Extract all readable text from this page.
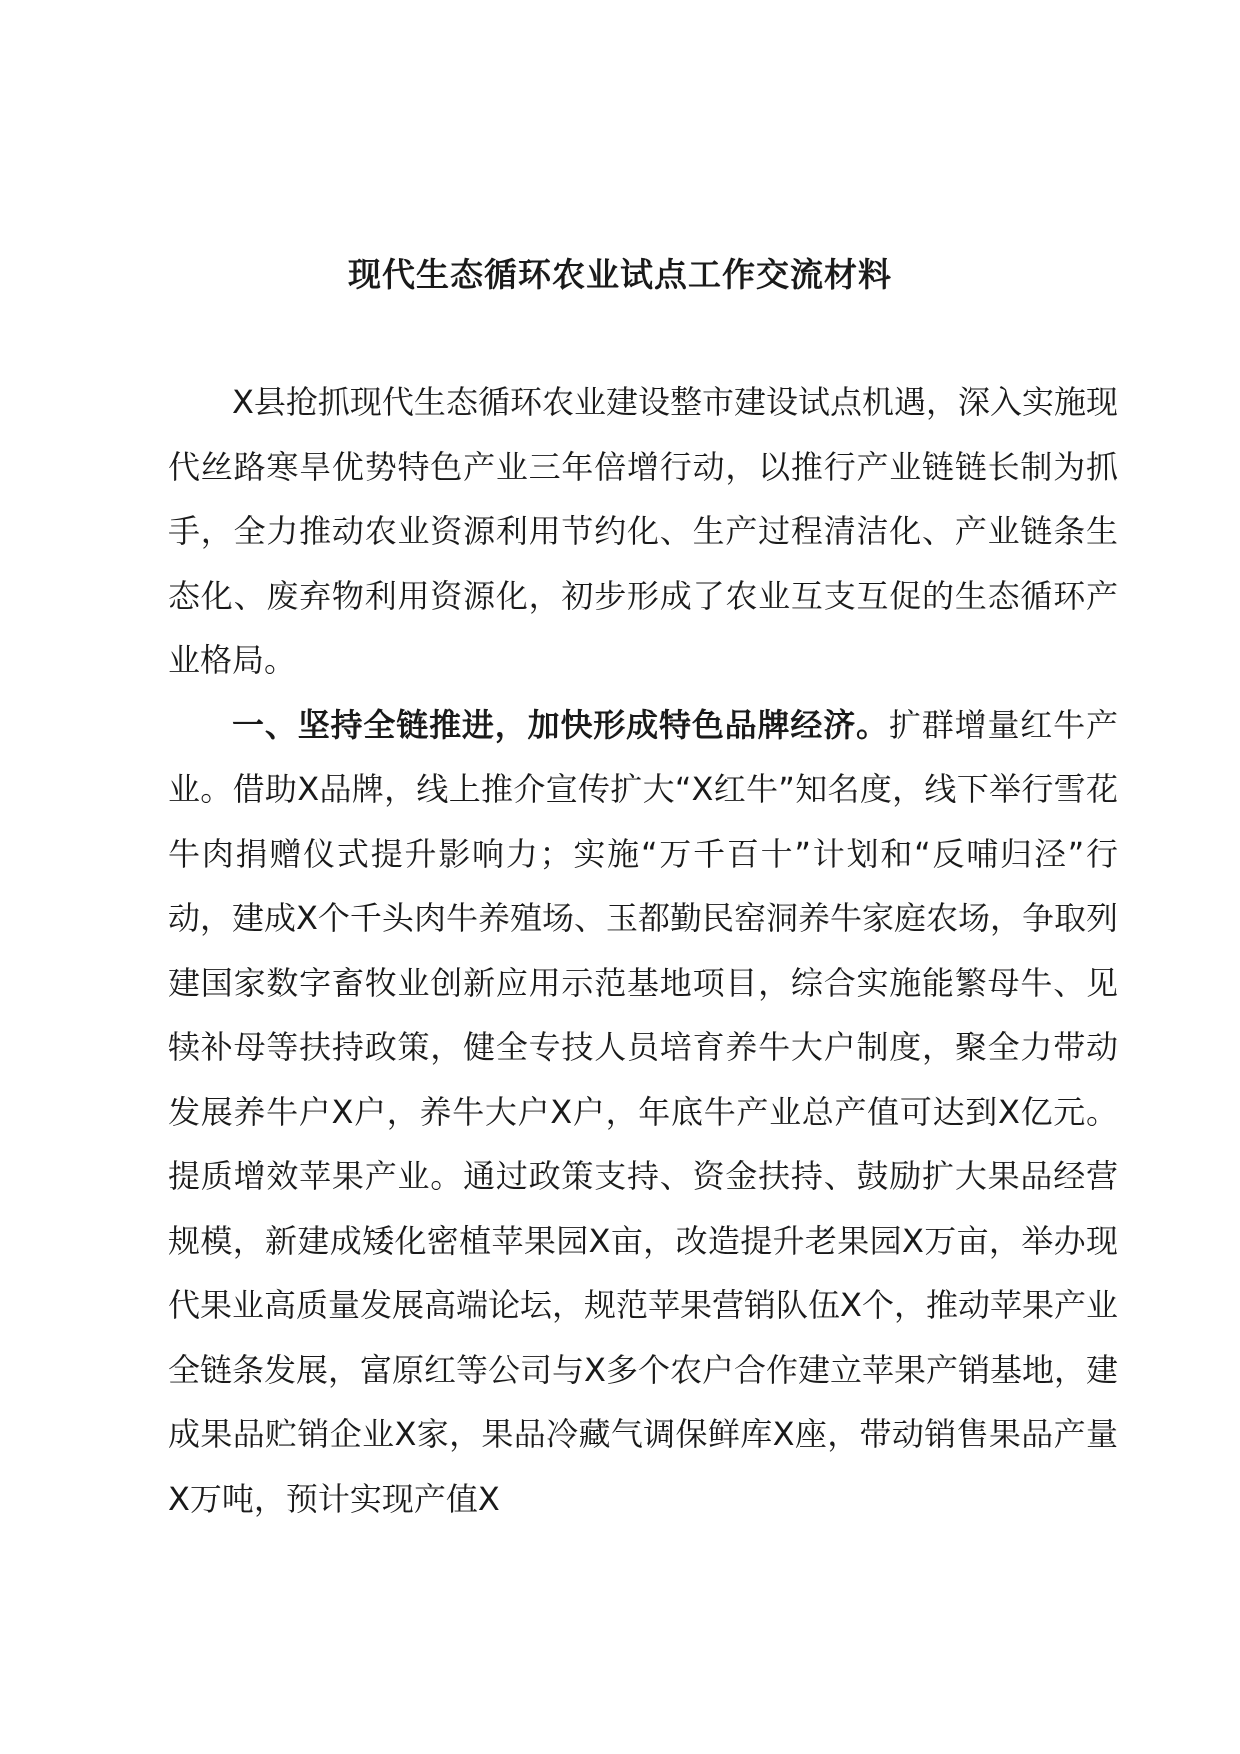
现代生态循环农业试点工作交流材料

X县抢抓现代生态循环农业建设整市建设试点机遇，深入实施现代丝路寒旱优势特色产业三年倍增行动，以推行产业链链长制为抓手，全力推动农业资源利用节约化、生产过程清洁化、产业链条生态化、废弃物利用资源化，初步形成了农业互支互促的生态循环产业格局。

一、坚持全链推进，加快形成特色品牌经济。扩群增量红牛产业。借助X品牌，线上推介宣传扩大“X红牛”知名度，线下举行雪花牛肉捐赠仪式提升影响力；实施“万千百十”计划和“反哺归泾”行动，建成X个千头肉牛养殖场、玉都勤民窑洞养牛家庭农场，争取列建国家数字畜牧业创新应用示范基地项目，综合实施能繁母牛、见犊补母等扶持政策，健全专技人员培育养牛大户制度，聚全力带动发展养牛户X户，养牛大户X户，年底牛产业总产值可达到X亿元。提质增效苹果产业。通过政策支持、资金扶持、鼓励扩大果品经营规模，新建成矮化密植苹果园X亩，改造提升老果园X万亩，举办现代果业高质量发展高端论坛，规范苹果营销队伍X个，推动苹果产业全链条发展，富原红等公司与X多个农户合作建立苹果产销基地，建成果品贮销企业X家，果品冷藏气调保鲜库X座，带动销售果品产量X万吨，预计实现产值X
